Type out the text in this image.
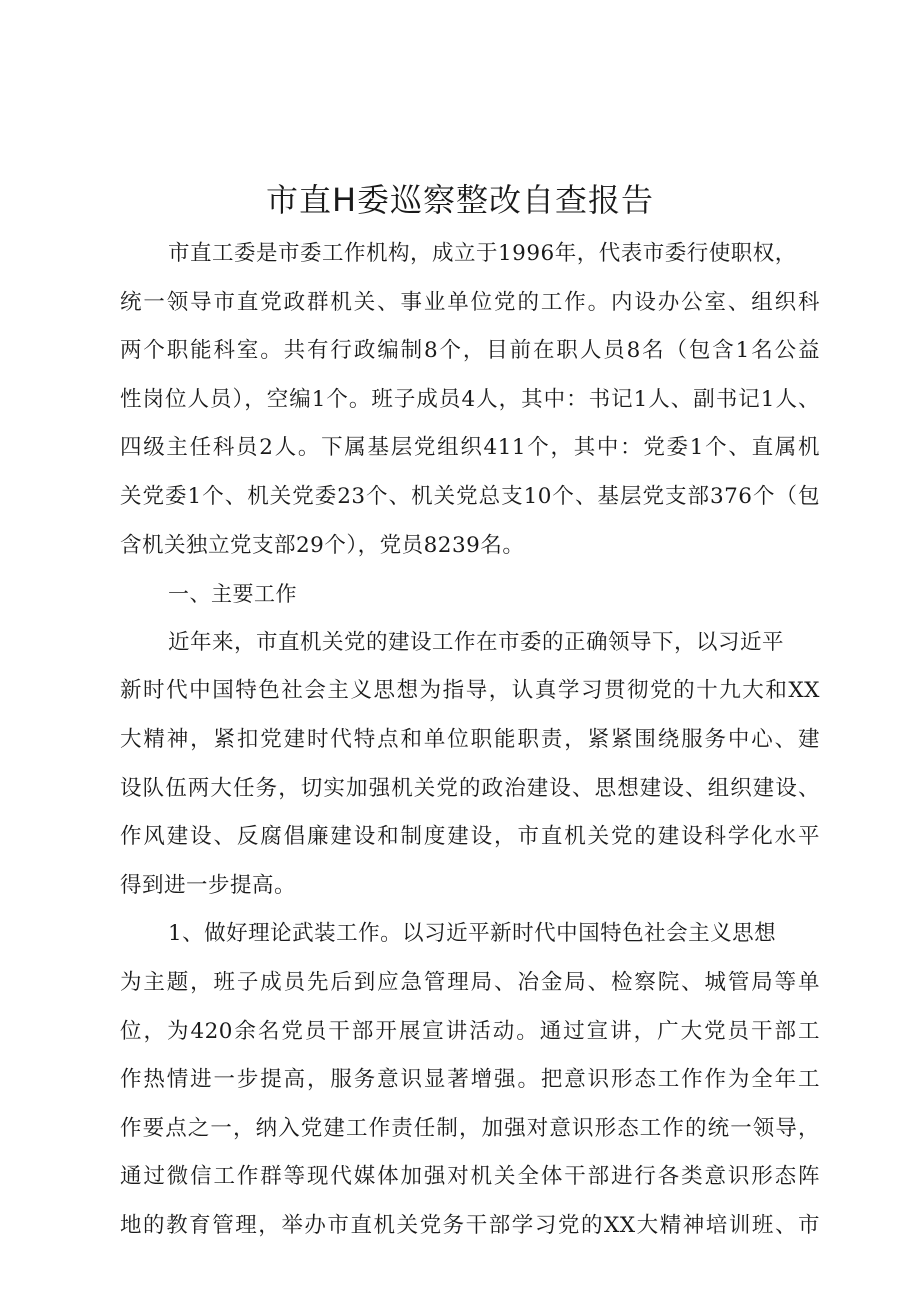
市直H委巡察整改自查报告
市直工委是市委工作机构，成立于1996年，代表市委行使职权，
统一领导市直党政群机关、事业单位党的工作。内设办公室、组织科
两个职能科室。共有行政编制8个，目前在职人员8名（包含1名公益
性岗位人员），空编1个。班子成员4人，其中：书记1人、副书记1人、
四级主任科员2人。下属基层党组织411个，其中：党委1个、直属机
关党委1个、机关党委23个、机关党总支10个、基层党支部376个（包
含机关独立党支部29个），党员8239名。
一、主要工作
近年来，市直机关党的建设工作在市委的正确领导下，以习近平
新时代中国特色社会主义思想为指导，认真学习贯彻党的十九大和XX
大精神，紧扣党建时代特点和单位职能职责，紧紧围绕服务中心、建
设队伍两大任务，切实加强机关党的政治建设、思想建设、组织建设、
作风建设、反腐倡廉建设和制度建设，市直机关党的建设科学化水平
得到进一步提高。
1、做好理论武装工作。以习近平新时代中国特色社会主义思想
为主题，班子成员先后到应急管理局、冶金局、检察院、城管局等单
位，为420余名党员干部开展宣讲活动。通过宣讲，广大党员干部工
作热情进一步提高，服务意识显著增强。把意识形态工作作为全年工
作要点之一，纳入党建工作责任制，加强对意识形态工作的统一领导，
通过微信工作群等现代媒体加强对机关全体干部进行各类意识形态阵
地的教育管理，举办市直机关党务干部学习党的XX大精神培训班、市
